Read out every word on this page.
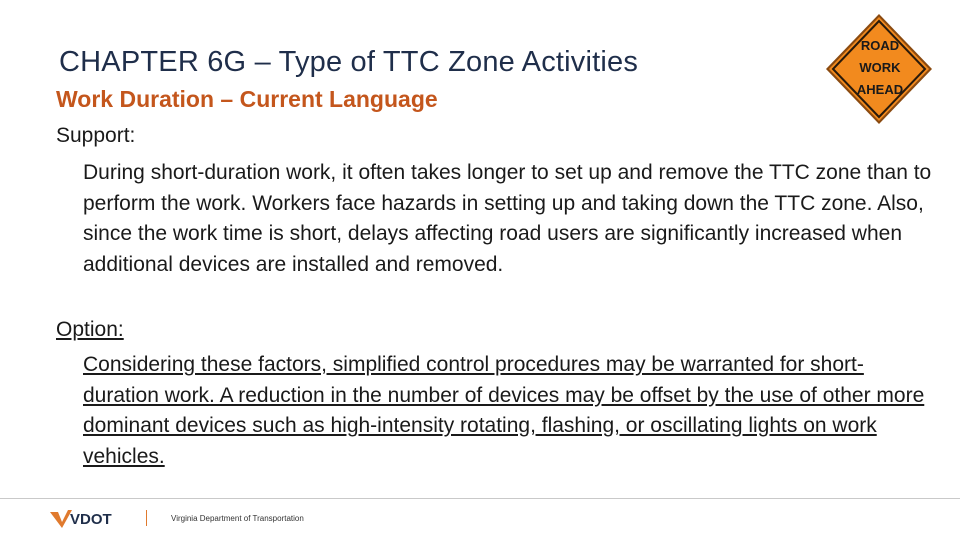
CHAPTER 6G – Type of TTC Zone Activities
Work Duration – Current Language
ROAD
WORK
AHEAD
Support:
During short-duration work, it often takes longer to set up and remove the TTC zone than to perform the work. Workers face hazards in setting up and taking down the TTC zone. Also, since the work time is short, delays affecting road users are significantly increased when additional devices are installed and removed.
Option:
Considering these factors, simplified control procedures may be warranted for short-duration work. A reduction in the number of devices may be offset by the use of other more dominant devices such as high-intensity rotating, flashing, or oscillating lights on work vehicles.
VDOT	Virginia Department of Transportation
